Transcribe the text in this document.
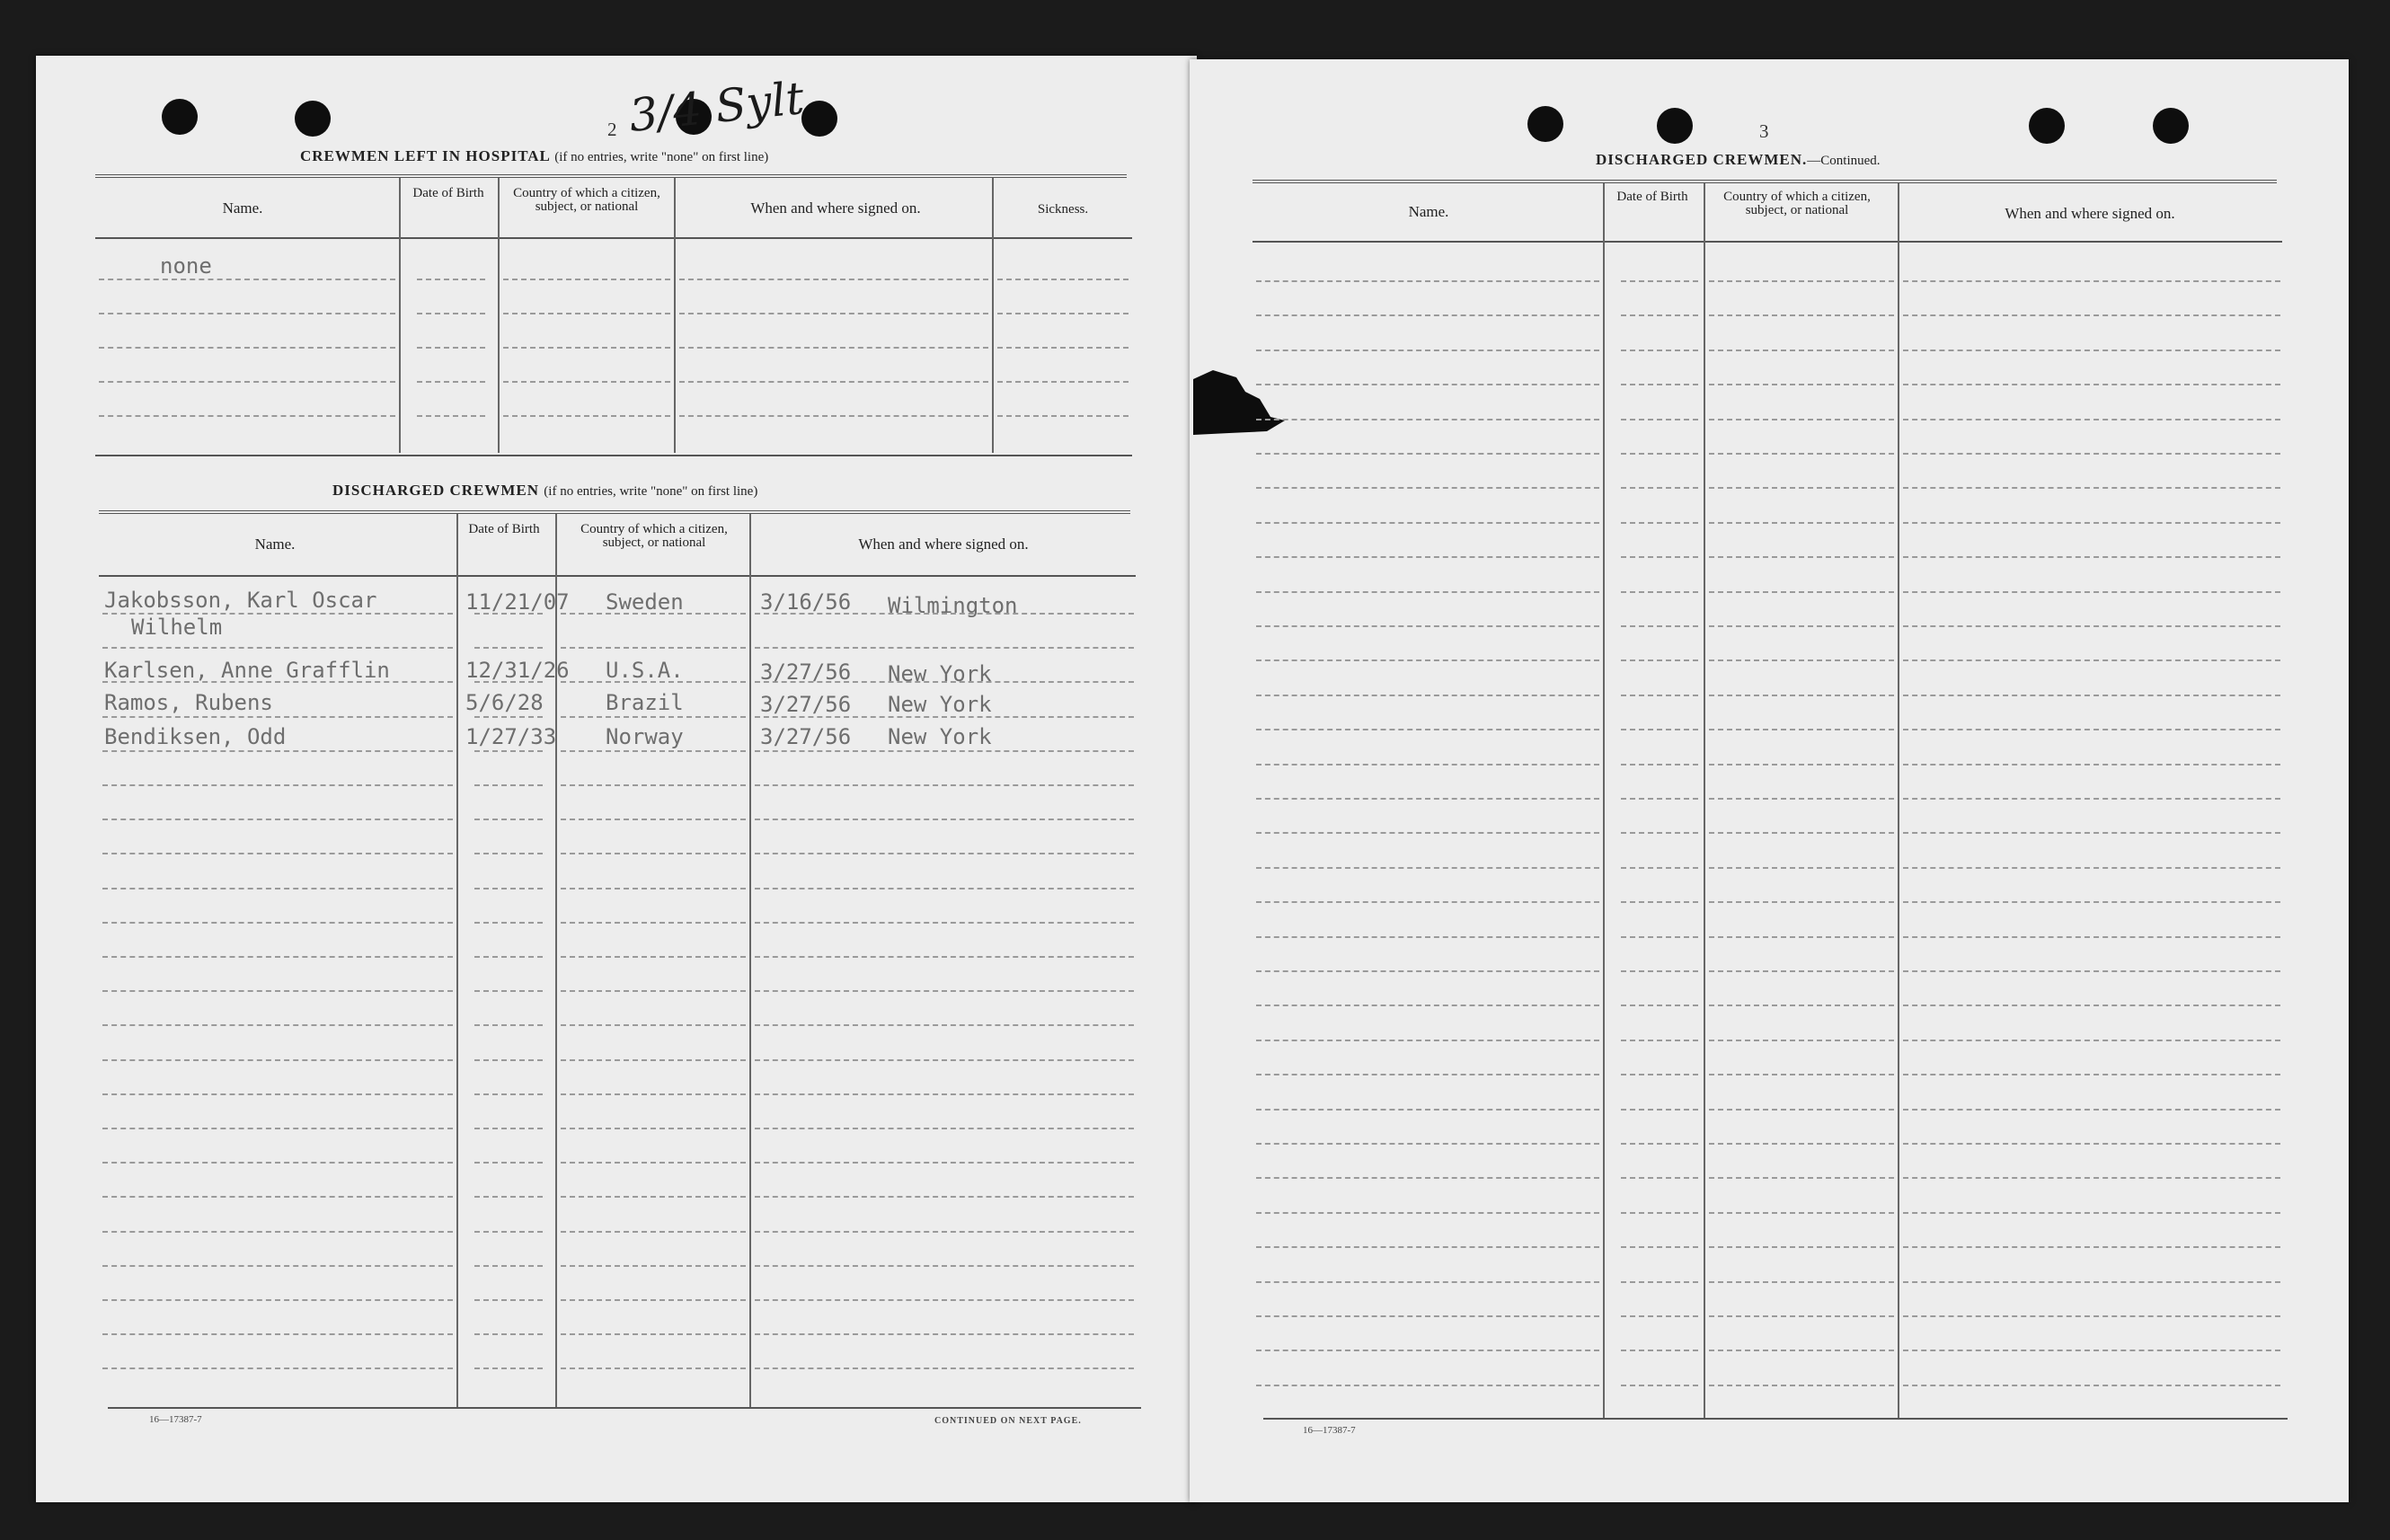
2 3/4 Sylt
CREWMEN LEFT IN HOSPITAL (if no entries, write "none" on first line)
Name.
Date of Birth	Country of which a citizen, subject, or national	When and where signed on.	Sickness.
none
DISCHARGED CREWMEN (if no entries, write "none" on first line)
Name.
Date of Birth	Country of which a citizen, subject, or national	When and where signed on.
Jakobsson, Karl Oscar
Wilhelm
11/21/07 Sweden	3/16/56 Wilmington
Karlsen, Anne Grafflin	12/31/26 U.S.A.	3/27/56 New York
Ramos, Rubens	5/6/28	Brazil	3/27/56 New York
Bendiksen, Odd	1/27/33 Norway	3/27/56 New York
16—17387-7	CONTINUED ON NEXT PAGE.
3
DISCHARGED CREWMEN.—Continued.
Name.
Date of Birth	Country of which a citizen, subject, or national	When and where signed on.
16—17387-7
